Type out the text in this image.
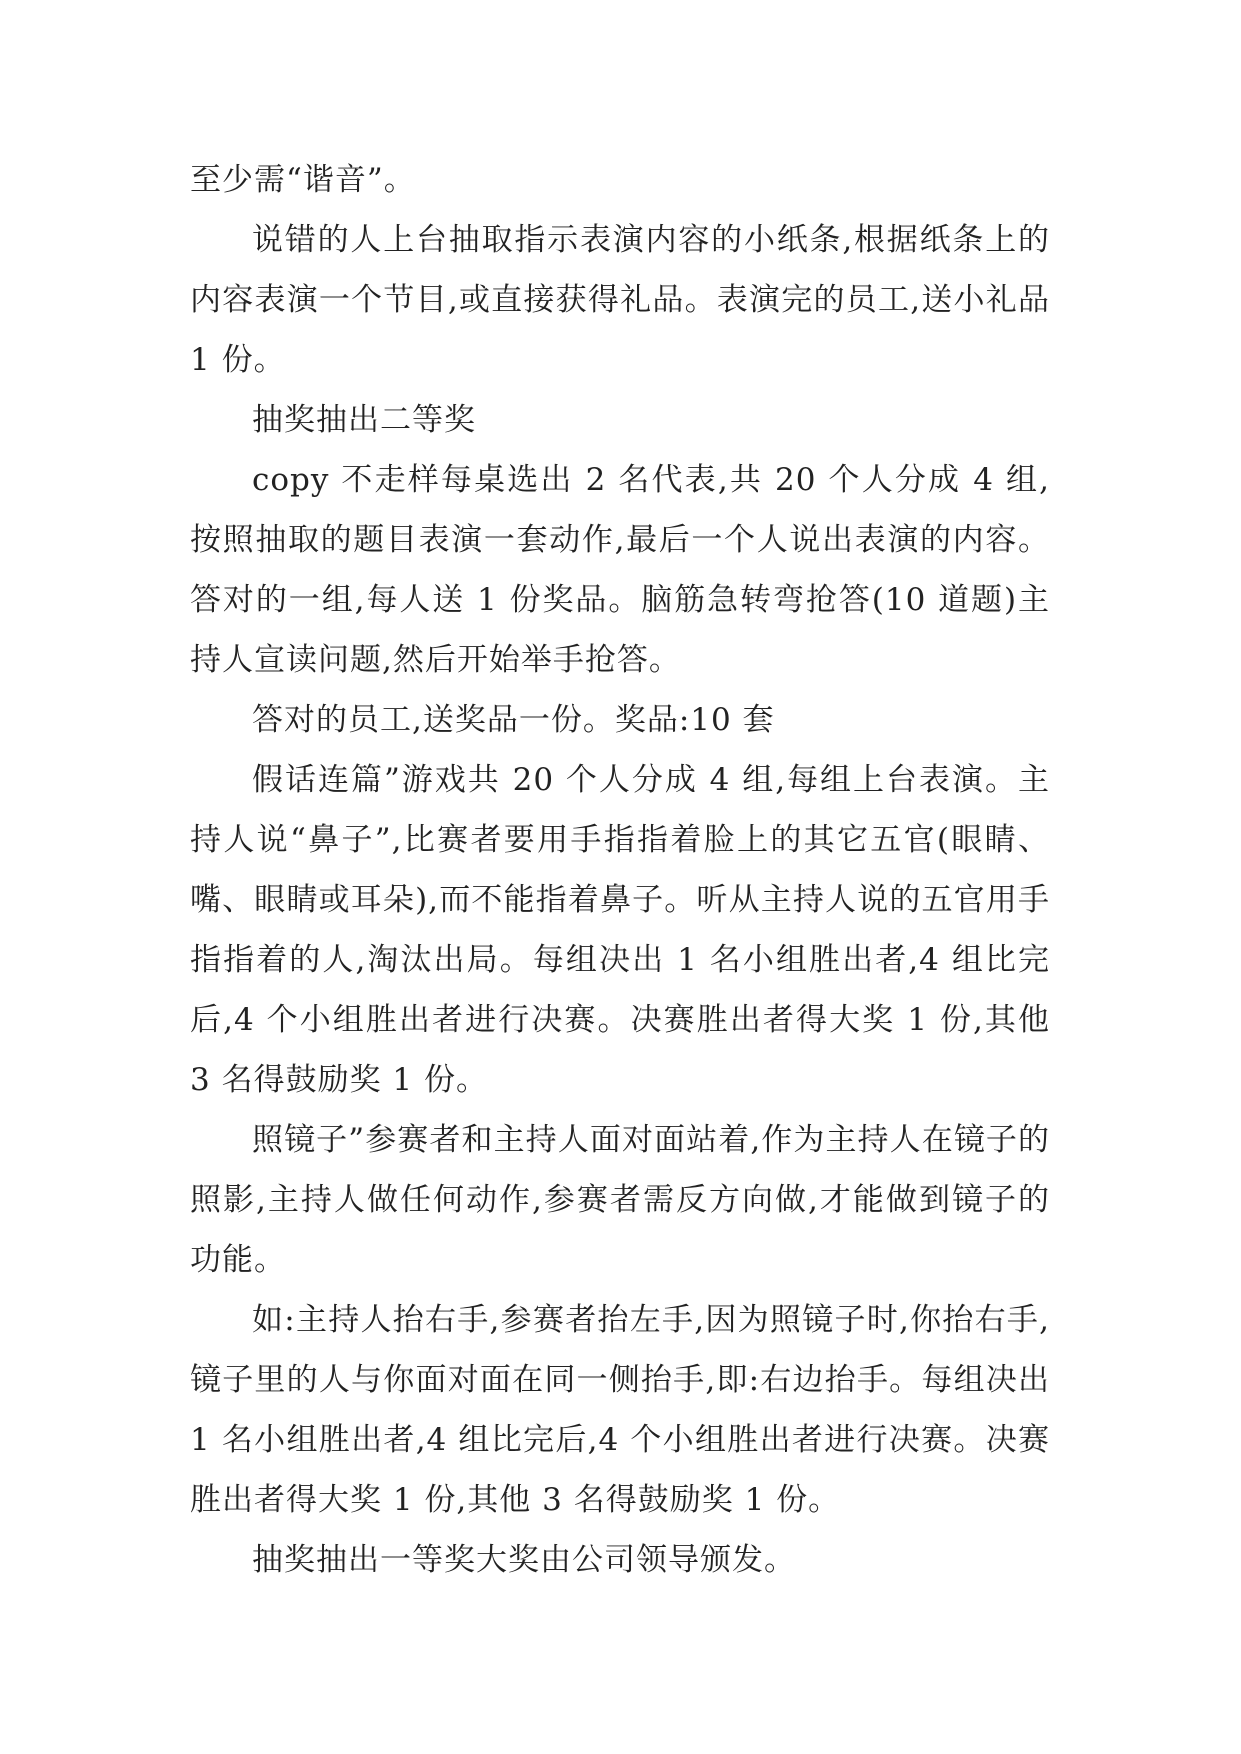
至少需“谐音”。

说错的人上台抽取指示表演内容的小纸条,根据纸条上的内容表演一个节目,或直接获得礼品。表演完的员工,送小礼品 1 份。

抽奖抽出二等奖

copy 不走样每桌选出 2 名代表,共 20 个人分成 4 组,按照抽取的题目表演一套动作,最后一个人说出表演的内容。答对的一组,每人送 1 份奖品。脑筋急转弯抢答(10 道题)主持人宣读问题,然后开始举手抢答。

答对的员工,送奖品一份。奖品:10 套

假话连篇”游戏共 20 个人分成 4 组,每组上台表演。主持人说“鼻子”,比赛者要用手指指着脸上的其它五官(眼睛、嘴、眼睛或耳朵),而不能指着鼻子。听从主持人说的五官用手指指着的人,淘汰出局。每组决出 1 名小组胜出者,4 组比完后,4 个小组胜出者进行决赛。决赛胜出者得大奖 1 份,其他 3 名得鼓励奖 1 份。

照镜子”参赛者和主持人面对面站着,作为主持人在镜子的照影,主持人做任何动作,参赛者需反方向做,才能做到镜子的功能。

如:主持人抬右手,参赛者抬左手,因为照镜子时,你抬右手,镜子里的人与你面对面在同一侧抬手,即:右边抬手。每组决出 1 名小组胜出者,4 组比完后,4 个小组胜出者进行决赛。决赛胜出者得大奖 1 份,其他 3 名得鼓励奖 1 份。

抽奖抽出一等奖大奖由公司领导颁发。
